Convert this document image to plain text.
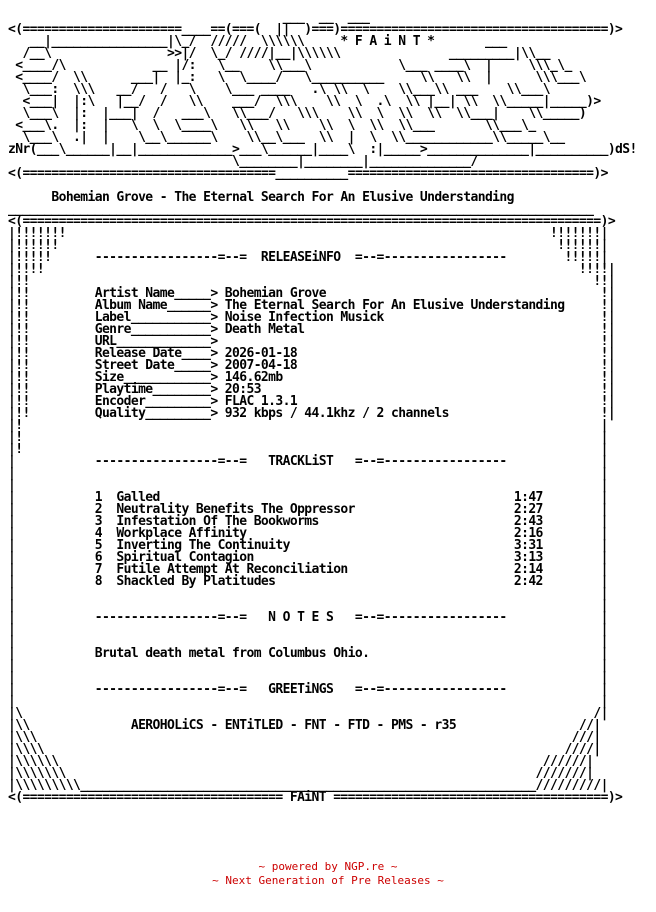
___  __  ___
<(======================____==(===(  ||  )===)=====================================)>
__|________________|\_/  /////  \\\\\\     * F A i N T *       ___
/__\                >>|/  \_/ ////|__|\\\\\\               _________|\\__
<____/\            __ |/:   \__    \\___\            \___ ____\  |     \\\_\_
<____/  \\      ___|  |_:   \  \____/   \__________     \\   \\  |      \\\___\
\___:  \\\   __/   /   \    \___ ____   .\ \\  \    \\___\\ ___    \\___\
<___|  |:\   |__/  /   \\    ___/  \\\    \\  \  .\  \\ |__| \\  \\_____|_____)>
\___\  |:  |___|  /   ___\   \\___/   \\\    \\  \  \\  \\  \\___|    \\_____)
<___\.  |:  |   \  \  \____\   \\   \\    \\  \  \\  \\___       \\___\_
\___\  .|  |    \__\______\    \\__\___  \\  |  \  \\____________\\_____\__
zNr(___\______|__|_____________>___\______|____\  :|_____>______________|__________)dS!
\________|________|______________/
<(===================================__________==================================)>

Bohemian Grove - The Eternal Search For An Elusive Understanding
_________________________________________________________________________________
<(================================================================================)>
|!!!!!!!                                                                   !!!!!!!|
|!!!!!!                                                                     !!!!!!|
|!!!!!      -----------------=--=  RELEASEiNFO  =--=-----------------        !!!!!|
|!!!!                                                                          !!!!|
|!!                                                                              !!|
|!!         Artist Name_____> Bohemian Grove                                      !|
|!!         Album Name______> The Eternal Search For An Elusive Understanding     !|
|!!         Label___________> Noise Infection Musick                              !|
|!!         Genre___________> Death Metal                                         !|
|!!         URL_____________>                                                     !|
|!!         Release Date____> 2026-01-18                                          !|
|!!         Street Date_____> 2007-04-18                                          !|
|!!         Size____________> 146.62mb                                            !|
|!!         Playtime________> 20:53                                               !|
|!!         Encoder_________> FLAC 1.3.1                                          !|
|!!         Quality_________> 932 kbps / 44.1khz / 2 channels                     !|
|!                                                                                |
|!                                                                                |
|!                                                                                |
|           -----------------=--=   TRACKLiST   =--=-----------------             |
|                                                                                 |
|                                                                                 |
|           1  Galled                                                 1:47        |
|           2  Neutrality Benefits The Oppressor                      2:27        |
|           3  Infestation Of The Bookworms                           2:43        |
|           4  Workplace Affinity                                     2:16        |
|           5  Inverting The Continuity                               3:31        |
|           6  Spiritual Contagion                                    3:13        |
|           7  Futile Attempt At Reconciliation                       2:14        |
|           8  Shackled By Platitudes                                 2:42        |
|                                                                                 |
|                                                                                 |
|           -----------------=--=   N O T E S   =--=-----------------             |
|                                                                                 |
|                                                                                 |
|           Brutal death metal from Columbus Ohio.                                |
|                                                                                 |
|                                                                                 |
|           -----------------=--=   GREETiNGS   =--=-----------------             |
|                                                                                 |
|\                                                                               /|
|\\              AEROHOLiCS - ENTiTLED - FNT - FTD - PMS - r35                 //|
|\\\                                                                          ///|
|\\\\                                                                        ////|
|\\\\\\                                                                   //////|
|\\\\\\\                                                                 ///////|
|\\\\\\\\\_______________________________________________________________/////////|
<(==================================== FAiNT ======================================)>
~ powered by NGP.re ~
~ Next Generation of Pre Releases ~
